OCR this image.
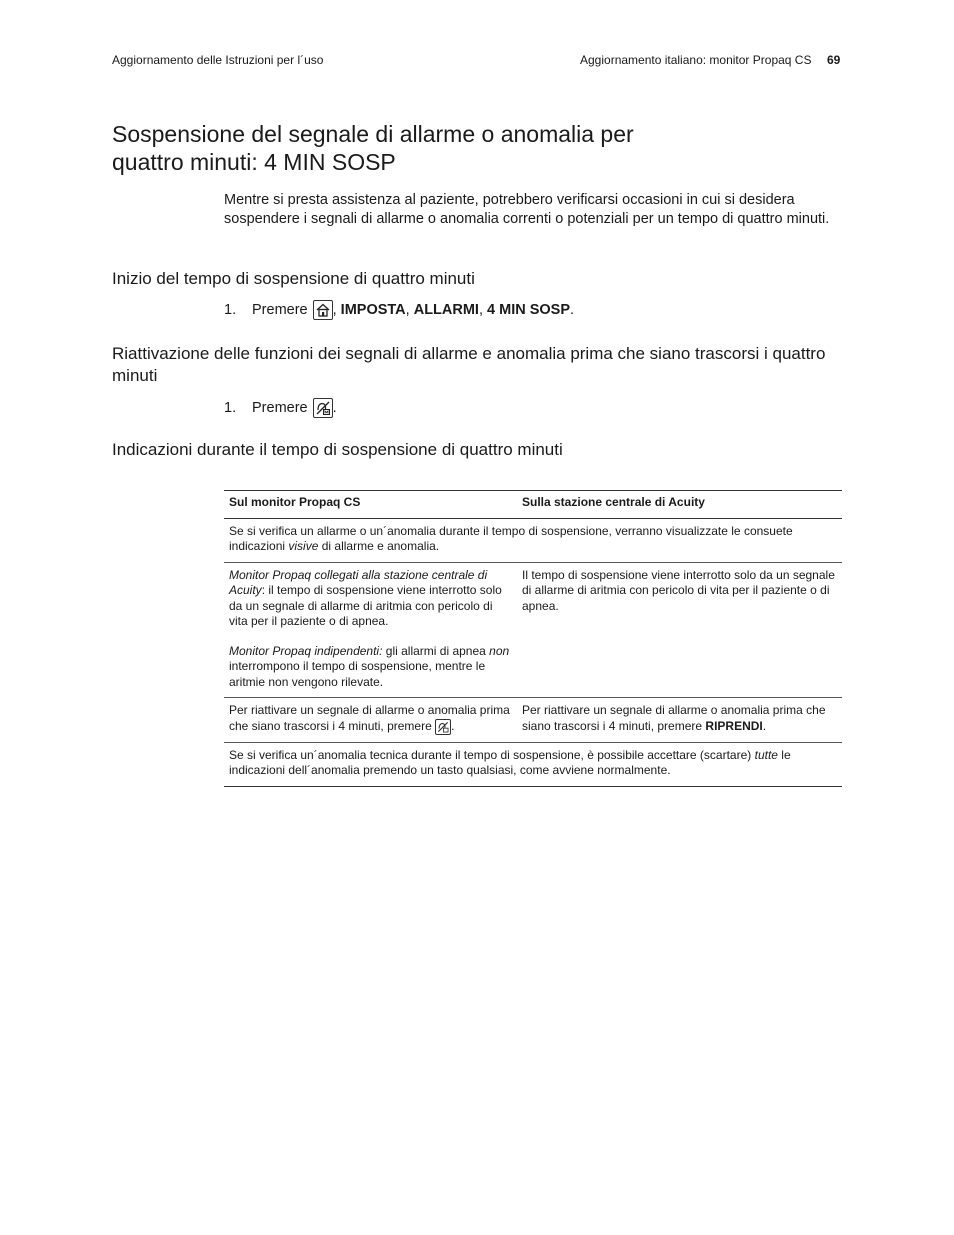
Aggiornamento delle Istruzioni per l´uso	Aggiornamento italiano: monitor Propaq CS 69
Sospensione del segnale di allarme o anomalia per
quattro minuti: 4 MIN SOSP

Mentre si presta assistenza al paziente, potrebbero verificarsi occasioni in cui si desidera sospendere i segnali di allarme o anomalia correnti o potenziali per un tempo di quattro minuti.

Inizio del tempo di sospensione di quattro minuti
1.	Premere ,
IMPOSTA ,
ALLARMI ,
4 MIN SOSP .
Riattivazione delle funzioni dei segnali di allarme e anomalia prima che siano trascorsi i quattro minuti
1.	Premere .
Indicazioni durante il tempo di sospensione di quattro minuti
Sul monitor Propaq CS	Sulla stazione centrale di Acuity
Se si verifica un allarme o un´anomalia durante il tempo di sospensione, verranno visualizzate le consuete indicazioni visive di allarme e anomalia.	

Monitor Propaq collegati alla stazione centrale di Acuity: il tempo di sospensione viene interrotto solo da un segnale di allarme di aritmia con pericolo di vita per il paziente o di apnea.
Monitor Propaq indipendenti: gli allarmi di apnea non interrompono il tempo di sospensione, mentre le aritmie non vengono rilevate.	Il tempo di sospensione viene interrotto solo da un segnale di allarme di aritmia con pericolo di vita per il paziente o di apnea.
Per riattivare un segnale di allarme o anomalia prima che siano trascorsi i 4 minuti, premere .	Per riattivare un segnale di allarme o anomalia prima che siano trascorsi i 4 minuti, premere RIPRENDI.
Se si verifica un´anomalia tecnica durante il tempo di sospensione, è possibile accettare (scartare) tutte le indicazioni dell´anomalia premendo un tasto qualsiasi, come avviene normalmente.	
